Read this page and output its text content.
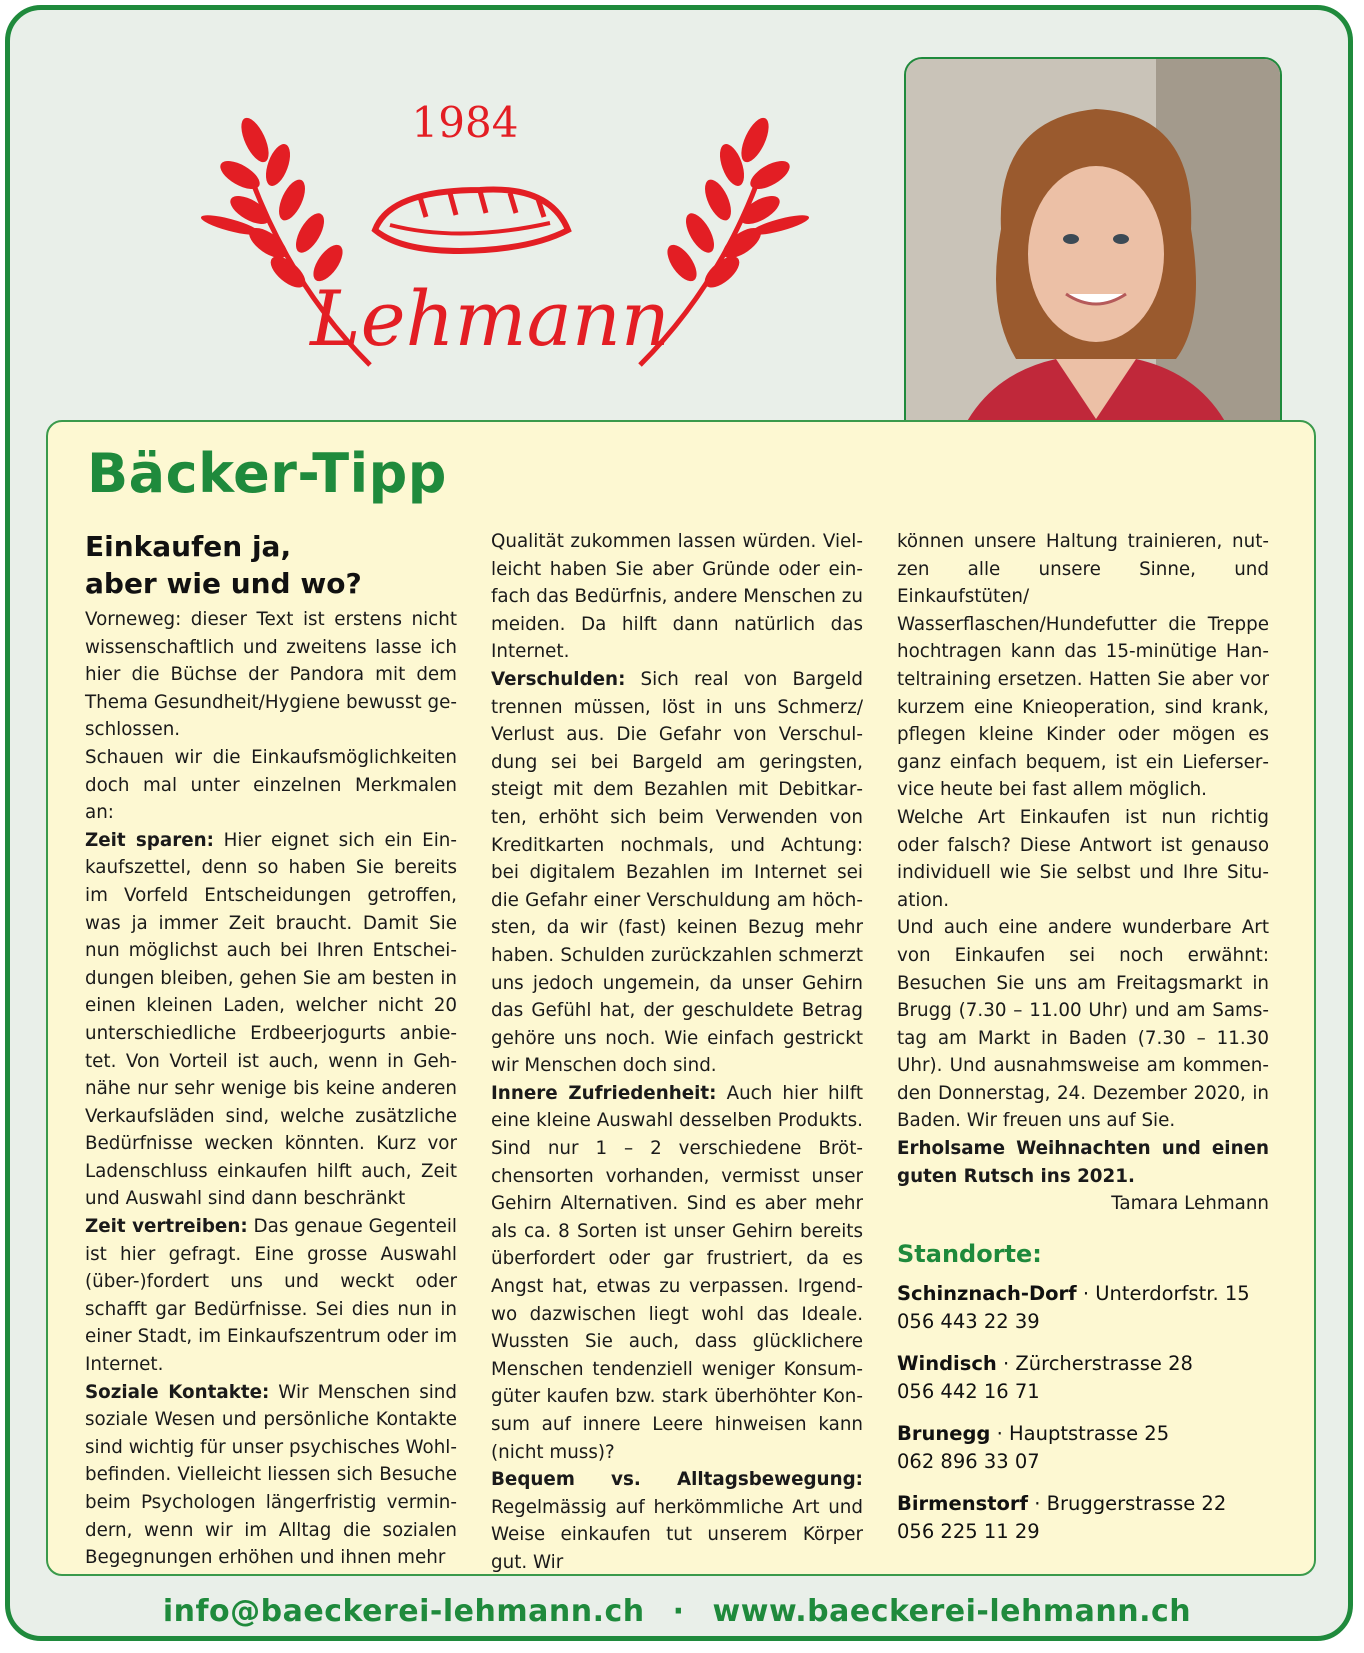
1984
Lehmann
Bäcker-Tipp

Einkaufen ja,
aber wie und wo?

Vorneweg: dieser Text ist erstens nicht wissenschaftlich und zweitens lasse ich hier die Büchse der Pandora mit dem Thema Gesundheit/Hygiene bewusst geschlossen.

Schauen wir die Einkaufsmöglichkeiten doch mal unter einzelnen Merkmalen an:

Zeit sparen: Hier eignet sich ein Einkaufszettel, denn so haben Sie bereits im Vorfeld Entscheidungen getroffen, was ja immer Zeit braucht. Damit Sie nun möglichst auch bei Ihren Entscheidungen bleiben, gehen Sie am besten in einen kleinen Laden, welcher nicht 20 unterschiedliche Erdbeerjogurts anbietet. Von Vorteil ist auch, wenn in Gehnähe nur sehr wenige bis keine anderen Verkaufsläden sind, welche zusätzliche Bedürfnisse wecken könnten. Kurz vor Ladenschluss einkaufen hilft auch, Zeit und Auswahl sind dann beschränkt

Zeit vertreiben: Das genaue Gegenteil ist hier gefragt. Eine grosse Auswahl (über-)fordert uns und weckt oder schafft gar Bedürfnisse. Sei dies nun in einer Stadt, im Einkaufszentrum oder im Internet.

Soziale Kontakte: Wir Menschen sind soziale Wesen und persönliche Kontakte sind wichtig für unser psychisches Wohlbefinden. Vielleicht liessen sich Besuche beim Psychologen längerfristig vermindern, wenn wir im Alltag die sozialen Begegnungen erhöhen und ihnen mehr

Qualität zukommen lassen würden. Vielleicht haben Sie aber Gründe oder einfach das Bedürfnis, andere Menschen zu meiden. Da hilft dann natürlich das Internet.

Verschulden: Sich real von Bargeld trennen müssen, löst in uns Schmerz/ Verlust aus. Die Gefahr von Verschuldung sei bei Bargeld am geringsten, steigt mit dem Bezahlen mit Debitkarten, erhöht sich beim Verwenden von Kreditkarten nochmals, und Achtung: bei digitalem Bezahlen im Internet sei die Gefahr einer Verschuldung am höchsten, da wir (fast) keinen Bezug mehr haben. Schulden zurückzahlen schmerzt uns jedoch ungemein, da unser Gehirn das Gefühl hat, der geschuldete Betrag gehöre uns noch. Wie einfach gestrickt wir Menschen doch sind.

Innere Zufriedenheit: Auch hier hilft eine kleine Auswahl desselben Produkts. Sind nur 1 – 2 verschiedene Brötchensorten vorhanden, vermisst unser Gehirn Alternativen. Sind es aber mehr als ca. 8 Sorten ist unser Gehirn bereits überfordert oder gar frustriert, da es Angst hat, etwas zu verpassen. Irgendwo dazwischen liegt wohl das Ideale. Wussten Sie auch, dass glücklichere Menschen tendenziell weniger Konsumgüter kaufen bzw. stark überhöhter Konsum auf innere Leere hinweisen kann (nicht muss)?

Bequem vs. Alltagsbewegung: Regelmässig auf herkömmliche Art und Weise einkaufen tut unserem Körper gut. Wir

können unsere Haltung trainieren, nutzen alle unsere Sinne, und Einkaufstüten/ Wasserflaschen/Hundefutter die Treppe hochtragen kann das 15-minütige Hanteltraining ersetzen. Hatten Sie aber vor kurzem eine Knieoperation, sind krank, pflegen kleine Kinder oder mögen es ganz einfach bequem, ist ein Lieferservice heute bei fast allem möglich.

Welche Art Einkaufen ist nun richtig oder falsch? Diese Antwort ist genauso individuell wie Sie selbst und Ihre Situation.

Und auch eine andere wunderbare Art von Einkaufen sei noch erwähnt: Besuchen Sie uns am Freitagsmarkt in Brugg (7.30 – 11.00 Uhr) und am Samstag am Markt in Baden (7.30 – 11.30 Uhr). Und ausnahmsweise am kommenden Donnerstag, 24. Dezember 2020, in Baden. Wir freuen uns auf Sie.

Erholsame Weihnachten und einen guten Rutsch ins 2021.

Tamara Lehmann

Standorte:
Schinznach-Dorf · Unterdorfstr. 15
056 443 22 39
Windisch · Zürcherstrasse 28
056 442 16 71
Brunegg · Hauptstrasse 25
062 896 33 07
Birmenstorf · Bruggerstrasse 22
056 225 11 29
info@baeckerei-lehmann.ch · www.baeckerei-lehmann.ch
